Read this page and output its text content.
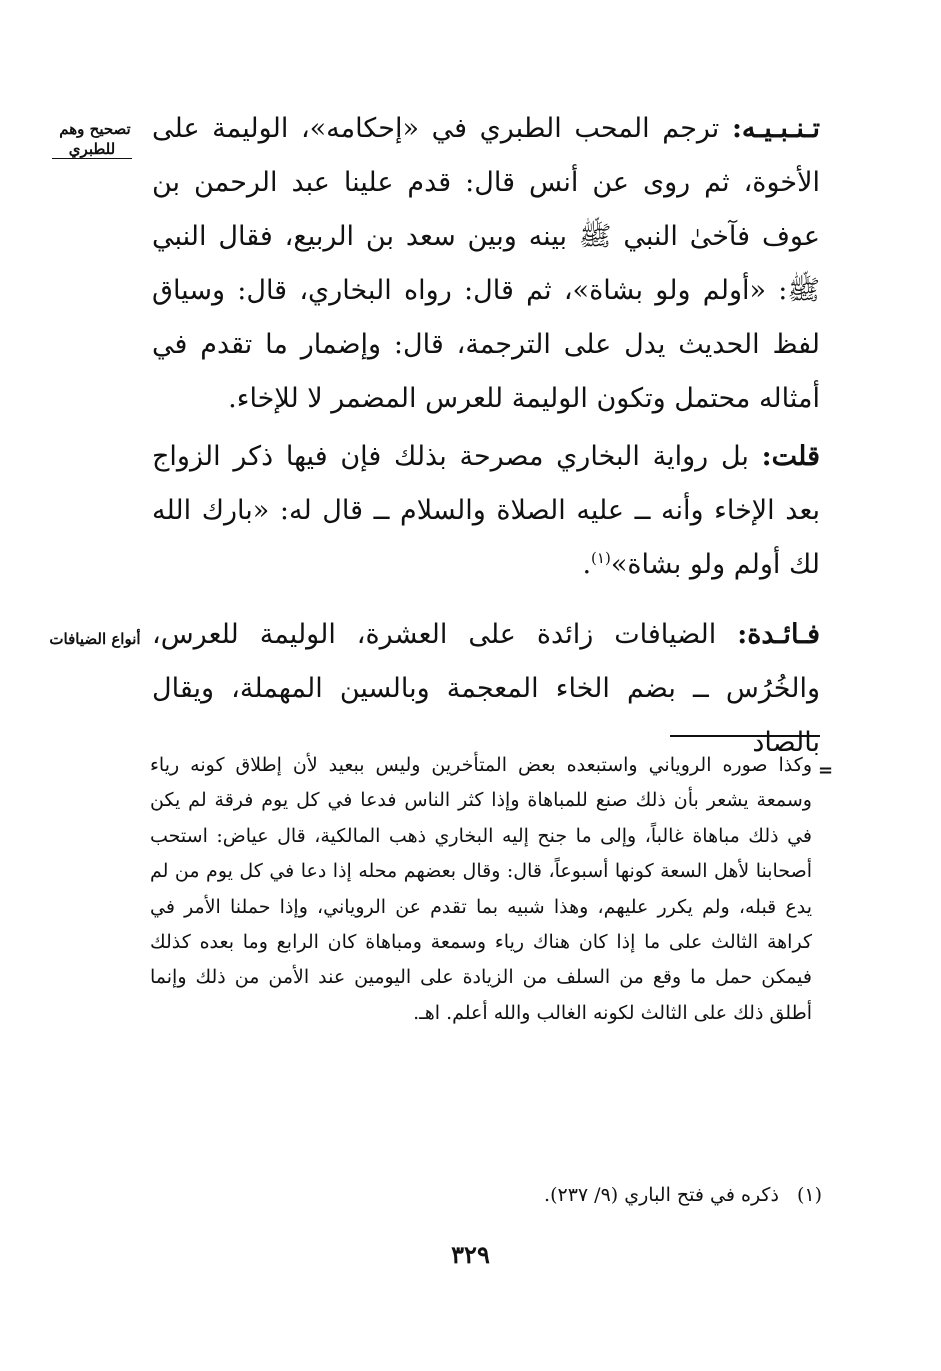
تصحيح وهم
للطبري
تـنـبـيـه: ترجم المحب الطبري في «إحكامه»، الوليمة على الأخوة، ثم روى عن أنس قال: قدم علينا عبد الرحمن بن عوف فآخىٰ النبي ﷺ بينه وبين سعد بن الربيع، فقال النبي ﷺ: «أولم ولو بشاة»، ثم قال: رواه البخاري، قال: وسياق لفظ الحديث يدل على الترجمة، قال: وإضمار ما تقدم في أمثاله محتمل وتكون الوليمة للعرس المضمر لا للإخاء.
قلت: بل رواية البخاري مصرحة بذلك فإن فيها ذكر الزواج بعد الإخاء وأنه ــ عليه الصلاة والسلام ــ قال له: «بارك الله لك أولم ولو بشاة»$^{(١)}$.
أنواع الضيافات	فـائـدة: الضيافات زائدة على العشرة، الوليمة للعرس، والخُرُس ــ بضم الخاء المعجمة وبالسين المهملة، ويقال بالصاد
=
وكذا صوره الروياني واستبعده بعض المتأخرين وليس ببعيد لأن إطلاق كونه رياء وسمعة يشعر بأن ذلك صنع للمباهاة وإذا كثر الناس فدعا في كل يوم فرقة لم يكن في ذلك مباهاة غالباً، وإلى ما جنح إليه البخاري ذهب المالكية، قال عياض: استحب أصحابنا لأهل السعة كونها أسبوعاً، قال: وقال بعضهم محله إذا دعا في كل يوم من لم يدع قبله، ولم يكرر عليهم، وهذا شبيه بما تقدم عن الروياني، وإذا حملنا الأمر في كراهة الثالث على ما إذا كان هناك رياء وسمعة ومباهاة كان الرابع وما بعده كذلك فيمكن حمل ما وقع من السلف من الزيادة على اليومين عند الأمن من ذلك وإنما أطلق ذلك على الثالث لكونه الغالب والله أعلم. اهـ.
(١)ذكره في فتح الباري (٩/ ٢٣٧).
٣٢٩
